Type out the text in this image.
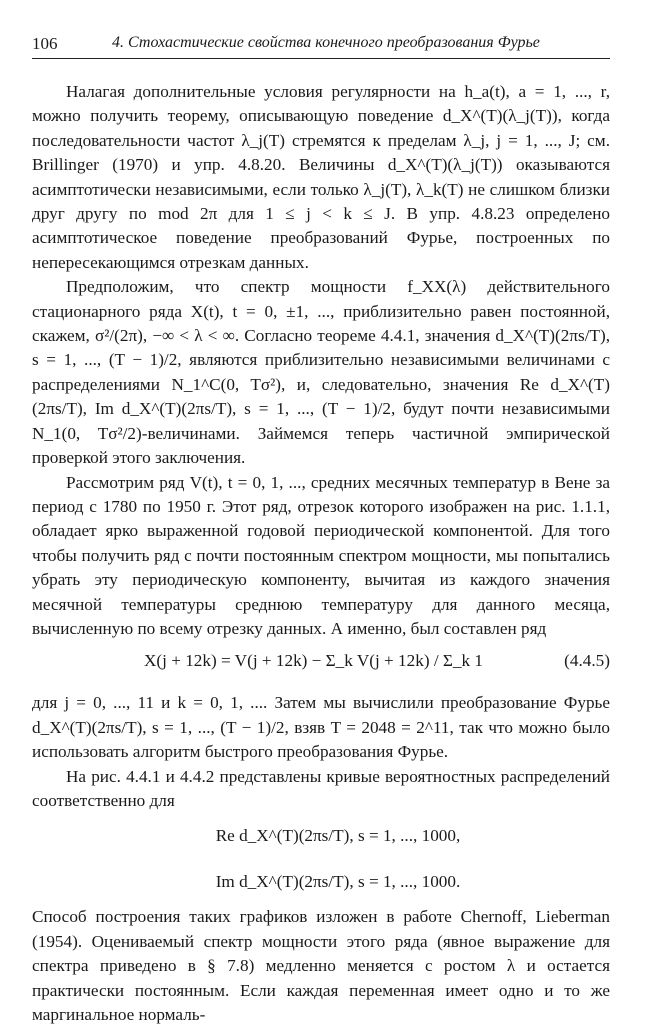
106	4. Стохастические свойства конечного преобразования Фурье

Налагая дополнительные условия регулярности на h_a(t), a = 1, ..., r, можно получить теорему, описывающую поведение d_X^(T)(λ_j(T)), когда последовательности частот λ_j(T) стремятся к пределам λ_j, j = 1, ..., J; см. Brillinger (1970) и упр. 4.8.20. Величины d_X^(T)(λ_j(T)) оказываются асимптотически независимыми, если только λ_j(T), λ_k(T) не слишком близки друг другу по mod 2π для 1 ≤ j < k ≤ J. В упр. 4.8.23 определено асимптотическое поведение преобразований Фурье, построенных по непересекающимся отрезкам данных.

Предположим, что спектр мощности f_XX(λ) действительного стационарного ряда X(t), t = 0, ±1, ..., приблизительно равен постоянной, скажем, σ²/(2π), −∞ < λ < ∞. Согласно теореме 4.4.1, значения d_X^(T)(2πs/T), s = 1, ..., (T − 1)/2, являются приблизительно независимыми величинами с распределениями N_1^C(0, Tσ²), и, следовательно, значения Re d_X^(T)(2πs/T), Im d_X^(T)(2πs/T), s = 1, ..., (T − 1)/2, будут почти независимыми N_1(0, Tσ²/2)-величинами. Займемся теперь частичной эмпирической проверкой этого заключения.

Рассмотрим ряд V(t), t = 0, 1, ..., средних месячных температур в Вене за период с 1780 по 1950 г. Этот ряд, отрезок которого изображен на рис. 1.1.1, обладает ярко выраженной годовой периодической компонентой. Для того чтобы получить ряд с почти постоянным спектром мощности, мы попытались убрать эту периодическую компоненту, вычитая из каждого значения месячной температуры среднюю температуру для данного месяца, вычисленную по всему отрезку данных. А именно, был составлен ряд

X(j + 12k) = V(j + 12k) − Σ_k V(j + 12k) / Σ_k 1	(4.4.5)

для j = 0, ..., 11 и k = 0, 1, .... Затем мы вычислили преобразование Фурье d_X^(T)(2πs/T), s = 1, ..., (T − 1)/2, взяв T = 2048 = 2^11, так что можно было использовать алгоритм быстрого преобразования Фурье.

На рис. 4.4.1 и 4.4.2 представлены кривые вероятностных распределений соответственно для

Re d_X^(T)(2πs/T), s = 1, ..., 1000,

Im d_X^(T)(2πs/T), s = 1, ..., 1000.

Способ построения таких графиков изложен в работе Chernoff, Lieberman (1954). Оцениваемый спектр мощности этого ряда (явное выражение для спектра приведено в § 7.8) медленно меняется с ростом λ и остается практически постоянным. Если каждая переменная имеет одно и то же маргинальное нормаль-
